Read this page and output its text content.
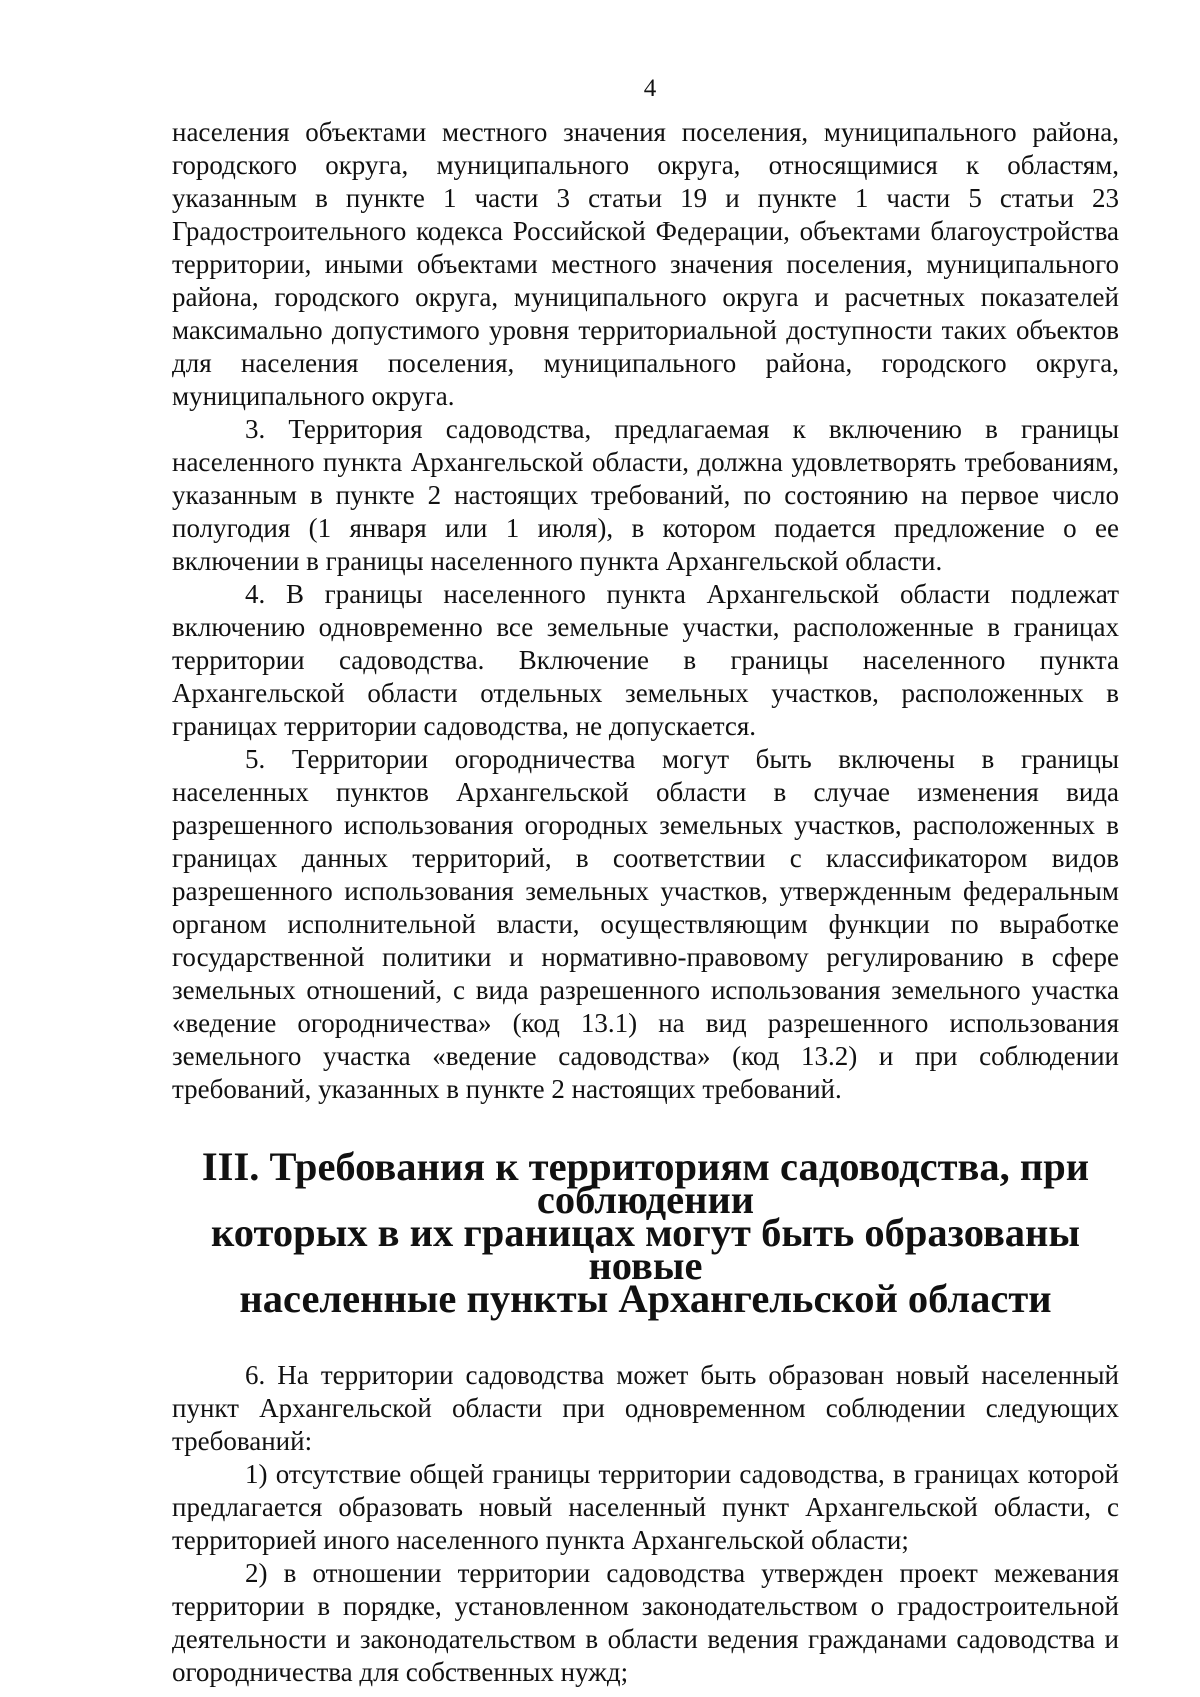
4

населения объектами местного значения поселения, муниципального района, городского округа, муниципального округа, относящимися к областям, указанным в пункте 1 части 3 статьи 19 и пункте 1 части 5 статьи 23 Градостроительного кодекса Российской Федерации, объектами благоустройства территории, иными объектами местного значения поселения, муниципального района, городского округа, муниципального округа и расчетных показателей максимально допустимого уровня территориальной доступности таких объектов для населения поселения, муниципального района, городского округа, муниципального округа.

3. Территория садоводства, предлагаемая к включению в границы населенного пункта Архангельской области, должна удовлетворять требованиям, указанным в пункте 2 настоящих требований, по состоянию на первое число полугодия (1 января или 1 июля), в котором подается предложение о ее включении в границы населенного пункта Архангельской области.

4. В границы населенного пункта Архангельской области подлежат включению одновременно все земельные участки, расположенные в границах территории садоводства. Включение в границы населенного пункта Архангельской области отдельных земельных участков, расположенных в границах территории садоводства, не допускается.

5. Территории огородничества могут быть включены в границы населенных пунктов Архангельской области в случае изменения вида разрешенного использования огородных земельных участков, расположенных в границах данных территорий, в соответствии с классификатором видов разрешенного использования земельных участков, утвержденным федеральным органом исполнительной власти, осуществляющим функции по выработке государственной политики и нормативно-правовому регулированию в сфере земельных отношений, с вида разрешенного использования земельного участка «ведение огородничества» (код 13.1) на вид разрешенного использования земельного участка «ведение садоводства» (код 13.2) и при соблюдении требований, указанных в пункте 2 настоящих требований.

III. Требования к территориям садоводства, при соблюдении
которых в их границах могут быть образованы новые
населенные пункты Архангельской области

6. На территории садоводства может быть образован новый населенный пункт Архангельской области при одновременном соблюдении следующих требований:

1) отсутствие общей границы территории садоводства, в границах которой предлагается образовать новый населенный пункт Архангельской области, с территорией иного населенного пункта Архангельской области;

2) в отношении территории садоводства утвержден проект межевания территории в порядке, установленном законодательством о градостроительной деятельности и законодательством в области ведения гражданами садоводства и огородничества для собственных нужд;
